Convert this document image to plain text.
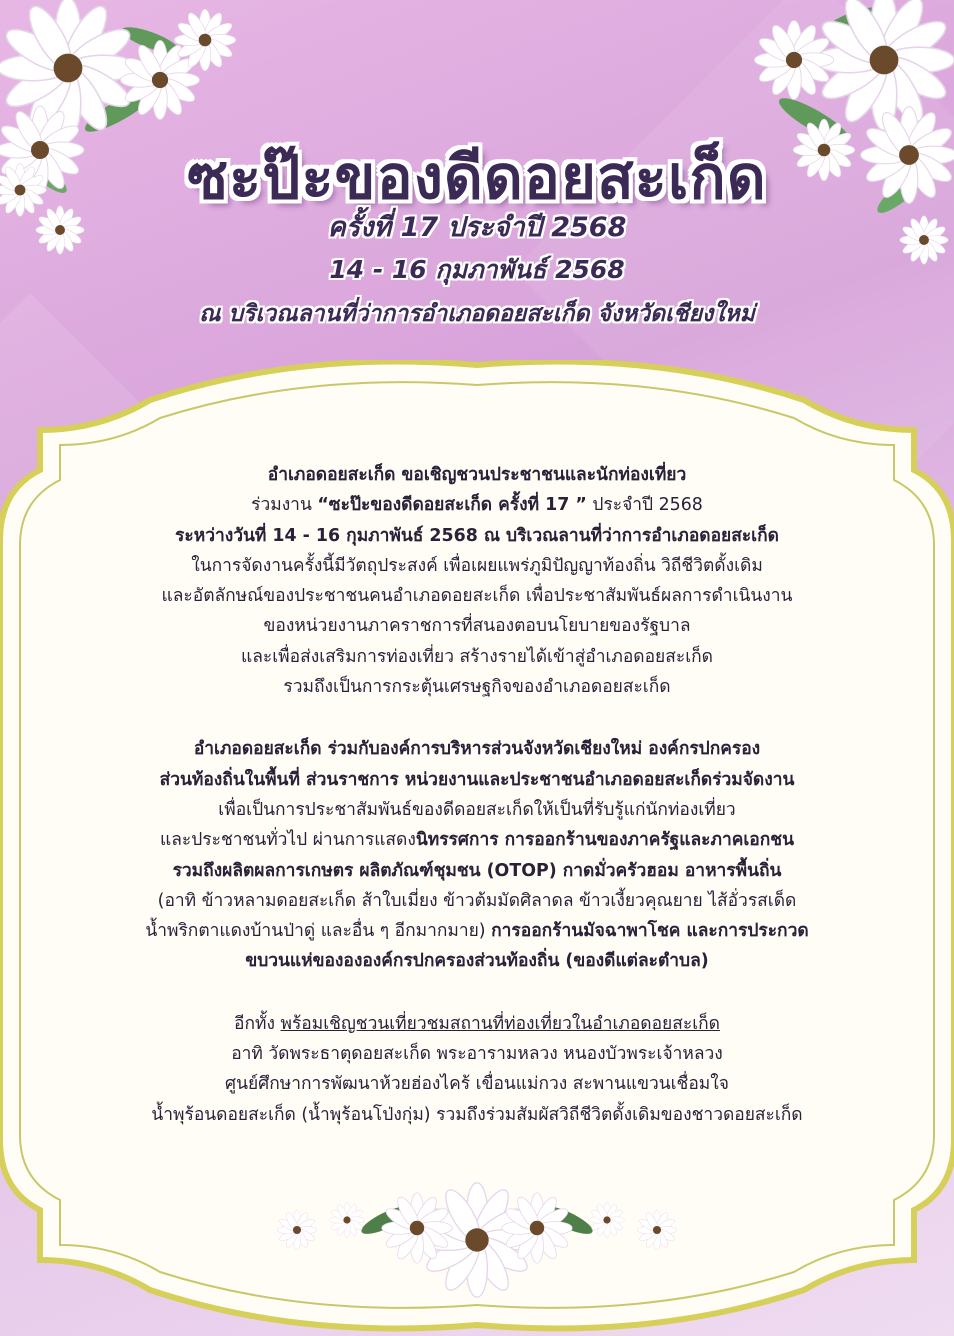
ซะป๊ะของดีดอยสะเก็ด
ครั้งที่ 17 ประจำปี 2568
14 - 16 กุมภาพันธ์ 2568
ณ บริเวณลานที่ว่าการอำเภอดอยสะเก็ด จังหวัดเชียงใหม่
อำเภอดอยสะเก็ด ขอเชิญชวนประชาชนและนักท่องเที่ยว
ร่วมงาน “ซะป๊ะของดีดอยสะเก็ด ครั้งที่ 17 ” ประจำปี 2568
ระหว่างวันที่ 14 - 16 กุมภาพันธ์ 2568 ณ บริเวณลานที่ว่าการอำเภอดอยสะเก็ด
ในการจัดงานครั้งนี้มีวัตถุประสงค์ เพื่อเผยแพร่ภูมิปัญญาท้องถิ่น วิถีชีวิตดั้งเดิม
และอัตลักษณ์ของประชาชนคนอำเภอดอยสะเก็ด เพื่อประชาสัมพันธ์ผลการดำเนินงาน
ของหน่วยงานภาคราชการที่สนองตอบนโยบายของรัฐบาล
และเพื่อส่งเสริมการท่องเที่ยว สร้างรายได้เข้าสู่อำเภอดอยสะเก็ด
รวมถึงเป็นการกระตุ้นเศรษฐกิจของอำเภอดอยสะเก็ด
อำเภอดอยสะเก็ด ร่วมกับองค์การบริหารส่วนจังหวัดเชียงใหม่ องค์กรปกครอง
ส่วนท้องถิ่นในพื้นที่ ส่วนราชการ หน่วยงานและประชาชนอำเภอดอยสะเก็ดร่วมจัดงาน
เพื่อเป็นการประชาสัมพันธ์ของดีดอยสะเก็ดให้เป็นที่รับรู้แก่นักท่องเที่ยว
และประชาชนทั่วไป ผ่านการแสดงนิทรรศการ การออกร้านของภาครัฐและภาคเอกชน
รวมถึงผลิตผลการเกษตร ผลิตภัณฑ์ชุมชน (OTOP) กาดมั่วครัวฮอม อาหารพื้นถิ่น
(อาทิ ข้าวหลามดอยสะเก็ด ส้าใบเมี่ยง ข้าวต้มมัดศิลาดล ข้าวเงี้ยวคุณยาย ไส้อั่วรสเด็ด
น้ำพริกตาแดงบ้านป่าดู่ และอื่น ๆ อีกมากมาย) การออกร้านมัจฉาพาโชค และการประกวด
ขบวนแห่ของององค์กรปกครองส่วนท้องถิ่น (ของดีแต่ละตำบล)
อีกทั้ง พร้อมเชิญชวนเที่ยวชมสถานที่ท่องเที่ยวในอำเภอดอยสะเก็ด
อาทิ วัดพระธาตุดอยสะเก็ด พระอารามหลวง หนองบัวพระเจ้าหลวง
ศูนย์ศึกษาการพัฒนาห้วยฮ่องไคร้ เขื่อนแม่กวง สะพานแขวนเชื่อมใจ
น้ำพุร้อนดอยสะเก็ด (น้ำพุร้อนโป่งกุ่ม) รวมถึงร่วมสัมผัสวิถีชีวิตดั้งเดิมของชาวดอยสะเก็ด
